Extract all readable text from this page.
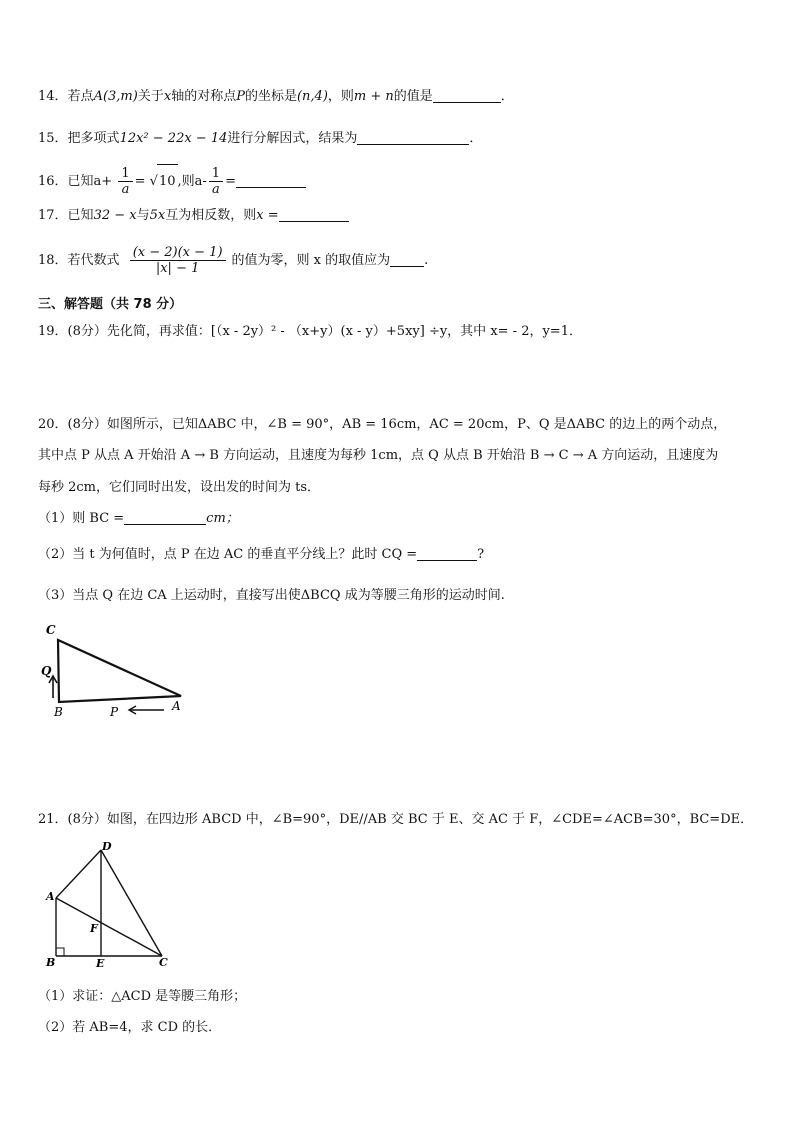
14．若点A(3,m)关于x轴的对称点P的坐标是(n,4)，则m + n的值是	．
15．把多项式12x² − 22x − 14进行分解因式，结果为	．
16．已知$a+ \frac{1}{a} = √10$ ,则$a- \frac{1}{a}$ =
17．已知32 − x与5x互为相反数，则x =
18．若代数式 $\frac{(x - 2)(x - 1)}{|x| - 1}$ 的值为零，则 x 的取值应为	.
三、解答题（共 78 分）
19．(8分）先化简，再求值：[（x - 2y）² - （x+y）(x - y）+5xy] ÷y，其中 x= - 2，y=1．
20．(8分）如图所示，已知ΔABC 中，∠B = 90°，AB = 16cm，AC = 20cm，P、Q 是ΔABC 的边上的两个动点，
其中点 P 从点 A 开始沿 A → B 方向运动，且速度为每秒 1cm，点 Q 从点 B 开始沿 B → C → A 方向运动，且速度为
每秒 2cm，它们同时出发，设出发的时间为 ts．
（1）则 BC =	cm；
（2）当 t 为何值时，点 P 在边 AC 的垂直平分线上？此时 CQ =	?
（3）当点 Q 在边 CA 上运动时，直接写出使ΔBCQ 成为等腰三角形的运动时间.
C
Q
B	P	A
21．(8分）如图，在四边形 ABCD 中，∠B=90°，DE//AB 交 BC 于 E、交 AC 于 F，∠CDE=∠ACB=30°，BC=DE．
D
A
F
B	E	C
（1）求证：△ACD 是等腰三角形；
（2）若 AB=4，求 CD 的长．
